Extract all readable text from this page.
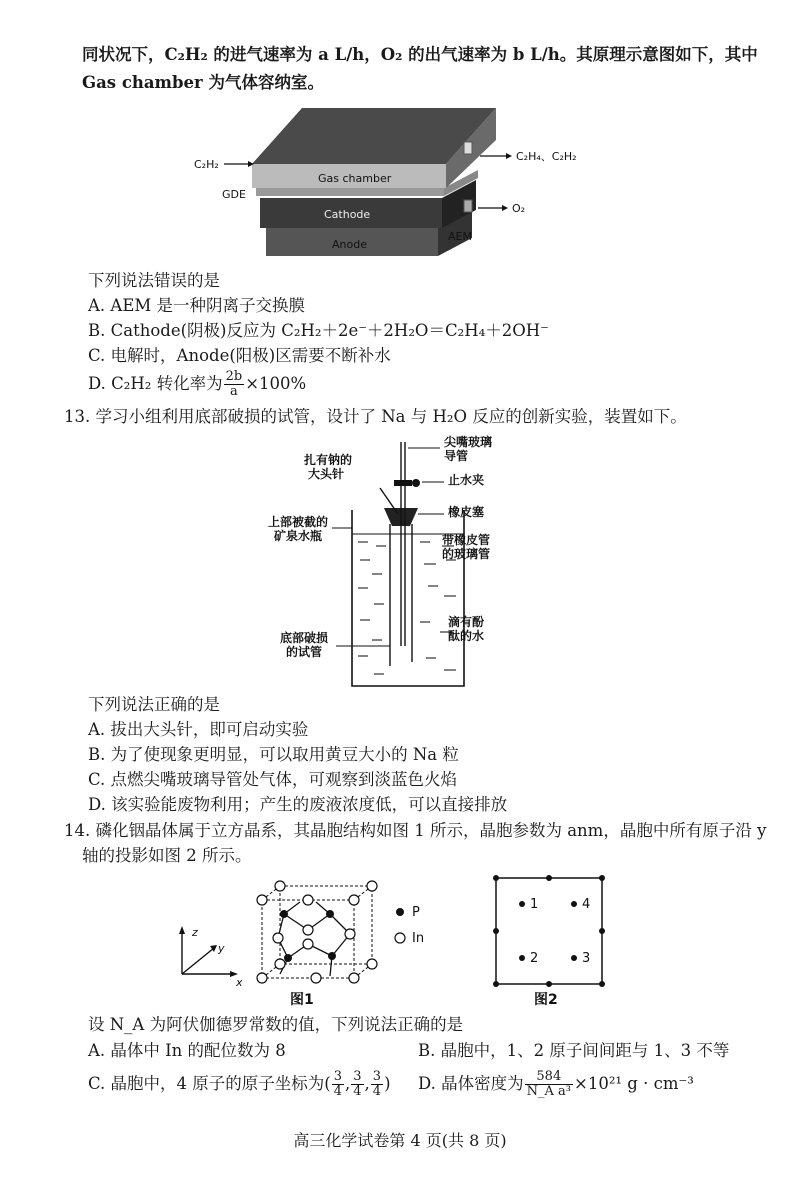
同状况下，C₂H₂ 的进气速率为 a L/h，O₂ 的出气速率为 b L/h。其原理示意图如下，其中
Gas chamber 为气体容纳室。
C₂H₂
GDE
Gas chamber
Cathode
Anode
AEM
C₂H₄、C₂H₂
O₂
下列说法错误的是
A. AEM 是一种阴离子交换膜
B. Cathode(阴极)反应为 C₂H₂＋2e⁻＋2H₂O＝C₂H₄＋2OH⁻
C. 电解时，Anode(阳极)区需要不断补水
D. C₂H₂ 转化率为 $\frac{2b}{a} \times 100\%$
13. 学习小组利用底部破损的试管，设计了 Na 与 H₂O 反应的创新实验，装置如下。
扎有钠的
大头针
尖嘴玻璃
导管
止水夹
橡皮塞
上部被截的
矿泉水瓶	带橡皮管
的玻璃管
滴有酚
酞的水
底部破损
的试管
下列说法正确的是
A. 拔出大头针，即可启动实验
B. 为了使现象更明显，可以取用黄豆大小的 Na 粒
C. 点燃尖嘴玻璃导管处气体，可观察到淡蓝色火焰
D. 该实验能废物利用；产生的废液浓度低，可以直接排放
14. 磷化铟晶体属于立方晶系，其晶胞结构如图 1 所示，晶胞参数为 anm，晶胞中所有原子沿 y
轴的投影如图 2 所示。
z
y
x
P
In
图1
1	4
2	3
图2
设 N_A 为阿伏伽德罗常数的值，下列说法正确的是
A. 晶体中 In 的配位数为 8	B. 晶胞中，1、2 原子间间距与 1、3 不等
C. 晶胞中，4 原子的原子坐标为( $\frac{3}{4}$ , $\frac{3}{4}$ , $\frac{3}{4}$ ) D. 晶体密度为 $\frac{584}{\text{N\_A a³}} \times 10^{21}$ g · cm⁻³
高三化学试卷第 4 页(共 8 页)
